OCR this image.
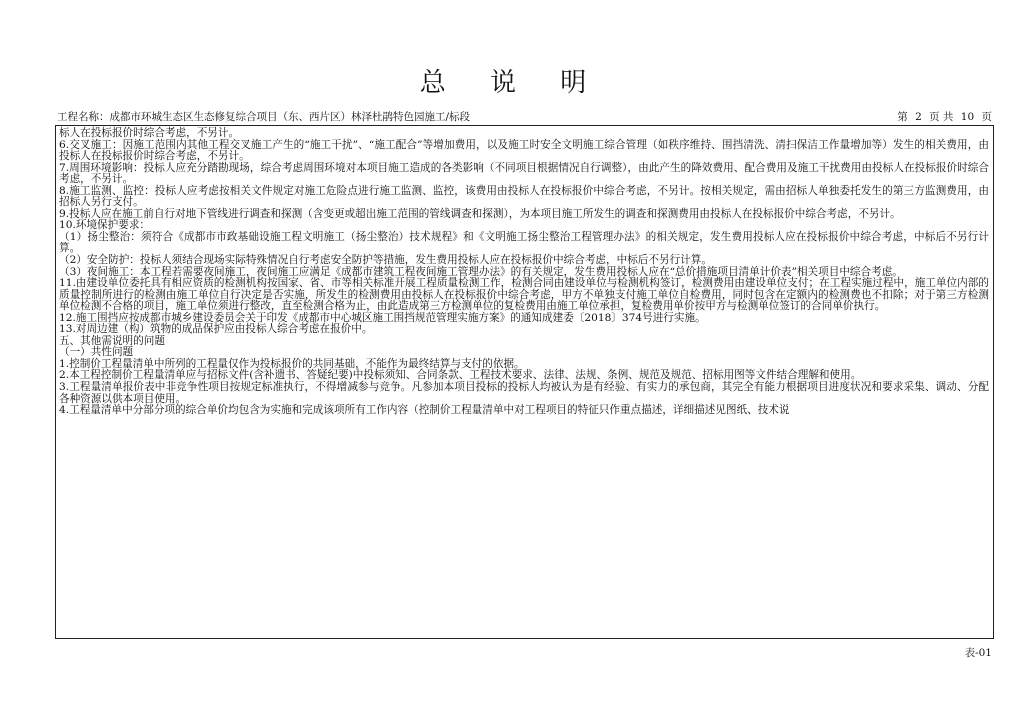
总 说 明
工程名称：成都市环城生态区生态修复综合项目（东、西片区）林泽杜鹃特色园施工/标段	第 2 页 共 10 页

标人在投标报价时综合考虑，不另计。

6.交叉施工：因施工范围内其他工程交叉施工产生的“施工干扰”、“施工配合”等增加费用，以及施工时安全文明施工综合管理（如秩序维持、围挡清洗、清扫保洁工作量增加等）发生的相关费用，由投标人在投标报价时综合考虑，不另计。

7.周围环境影响：投标人应充分踏勘现场，综合考虑周围环境对本项目施工造成的各类影响（不同项目根据情况自行调整），由此产生的降效费用、配合费用及施工干扰费用由投标人在投标报价时综合考虑，不另计。

8.施工监测、监控：投标人应考虑按相关文件规定对施工危险点进行施工监测、监控，该费用由投标人在投标报价中综合考虑，不另计。按相关规定，需由招标人单独委托发生的第三方监测费用，由招标人另行支付。

9.投标人应在施工前自行对地下管线进行调查和探测（含变更或超出施工范围的管线调查和探测），为本项目施工所发生的调查和探测费用由投标人在投标报价中综合考虑，不另计。

10.环境保护要求：

（1）扬尘整治：须符合《成都市市政基础设施工程文明施工（扬尘整治）技术规程》和《文明施工扬尘整治工程管理办法》的相关规定，发生费用投标人应在投标报价中综合考虑，中标后不另行计算。

（2）安全防护：投标人须结合现场实际特殊情况自行考虑安全防护等措施，发生费用投标人应在投标报价中综合考虑，中标后不另行计算。

（3）夜间施工：本工程若需要夜间施工，夜间施工应满足《成都市建筑工程夜间施工管理办法》的有关规定，发生费用投标人应在“总价措施项目清单计价表”相关项目中综合考虑。

11.由建设单位委托具有相应资质的检测机构按国家、省、市等相关标准开展工程质量检测工作，检测合同由建设单位与检测机构签订，检测费用由建设单位支付；在工程实施过程中，施工单位内部的质量控制所进行的检测由施工单位自行决定是否实施，所发生的检测费用由投标人在投标报价中综合考虑，甲方不单独支付施工单位自检费用，同时包含在定额内的检测费也不扣除；对于第三方检测单位检测不合格的项目，施工单位须进行整改，直至检测合格为止，由此造成第三方检测单位的复检费用由施工单位承担，复检费用单价按甲方与检测单位签订的合同单价执行。

12.施工围挡应按成都市城乡建设委员会关于印发《成都市中心城区施工围挡规范管理实施方案》的通知成建委〔2018〕374号进行实施。

13.对周边建（构）筑物的成品保护应由投标人综合考虑在报价中。

五、其他需说明的问题

（一）共性问题

1.控制价工程量清单中所列的工程量仅作为投标报价的共同基础，不能作为最终结算与支付的依据。

2.本工程控制价工程量清单应与招标文件(含补遗书、答疑纪要)中投标须知、合同条款、工程技术要求、法律、法规、条例、规范及规范、招标用图等文件结合理解和使用。

3.工程量清单报价表中非竞争性项目按规定标准执行，不得增减参与竞争。凡参加本项目投标的投标人均被认为是有经验、有实力的承包商，其完全有能力根据项目进度状况和要求采集、调动、分配各种资源以供本项目使用。

4.工程量清单中分部分项的综合单价均包含为实施和完成该项所有工作内容（控制价工程量清单中对工程项目的特征只作重点描述，详细描述见图纸、技术说

表-01
